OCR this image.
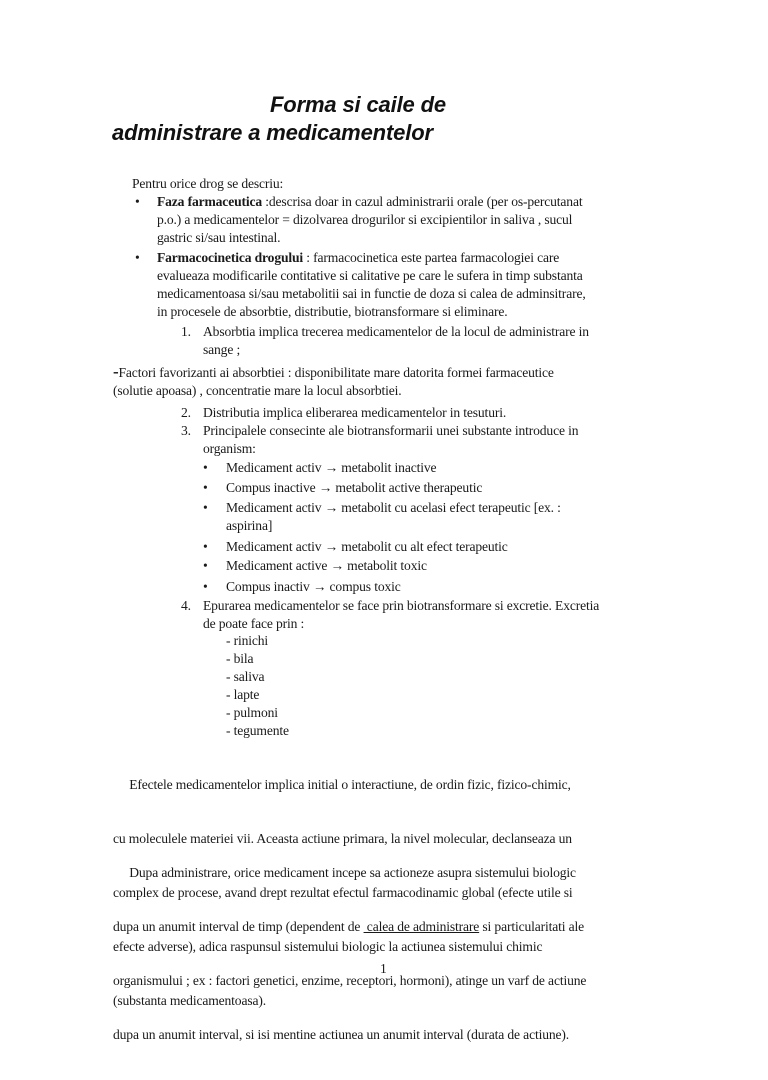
Forma si caile de
administrare a medicamentelor
Pentru orice drog se descriu:
• Faza farmaceutica :descrisa doar in cazul administrarii orale (per os-percutanat
p.o.) a medicamentelor = dizolvarea drogurilor si excipientilor in saliva , sucul
gastric si/sau intestinal.
• Farmacocinetica drogului : farmacocinetica este partea farmacologiei care
evalueaza modificarile contitative si calitative pe care le sufera in timp substanta
medicamentoasa si/sau metabolitii sai in functie de doza si calea de adminsitrare,
in procesele de absorbtie, distributie, biotransformare si eliminare.
1. Absorbtia implica trecerea medicamentelor de la locul de administrare in
sange ;
-Factori favorizanti ai absorbtiei : disponibilitate mare datorita formei farmaceutice
(solutie apoasa) , concentratie mare la locul absorbtiei.
2. Distributia implica eliberarea medicamentelor in tesuturi.
3. Principalele consecinte ale biotransformarii unei substante introduce in
organism:
• Medicament activ → metabolit inactive
• Compus inactive → metabolit active therapeutic
• Medicament activ → metabolit cu acelasi efect terapeutic [ex. :
aspirina]
• Medicament activ → metabolit cu alt efect terapeutic
• Medicament active → metabolit toxic
• Compus inactiv → compus toxic
4. Epurarea medicamentelor se face prin biotransformare si excretie. Excretia
de poate face prin :
- rinichi
- bila
- saliva
- lapte
- pulmoni
- tegumente

Efectele medicamentelor implica initial o interactiune, de ordin fizic, fizico-chimic,

cu moleculele materiei vii. Aceasta actiune primara, la nivel molecular, declanseaza un

complex de procese, avand drept rezultat efectul farmacodinamic global (efecte utile si

efecte adverse), adica raspunsul sistemului biologic la actiunea sistemului chimic

(substanta medicamentoasa).

Dupa administrare, orice medicament incepe sa actioneze asupra sistemului biologic

dupa un anumit interval de timp (dependent de  calea de administrare si particularitati ale

organismului ; ex : factori genetici, enzime, receptori, hormoni), atinge un varf de actiune

dupa un anumit interval, si isi mentine actiunea un anumit interval (durata de actiune).

1
